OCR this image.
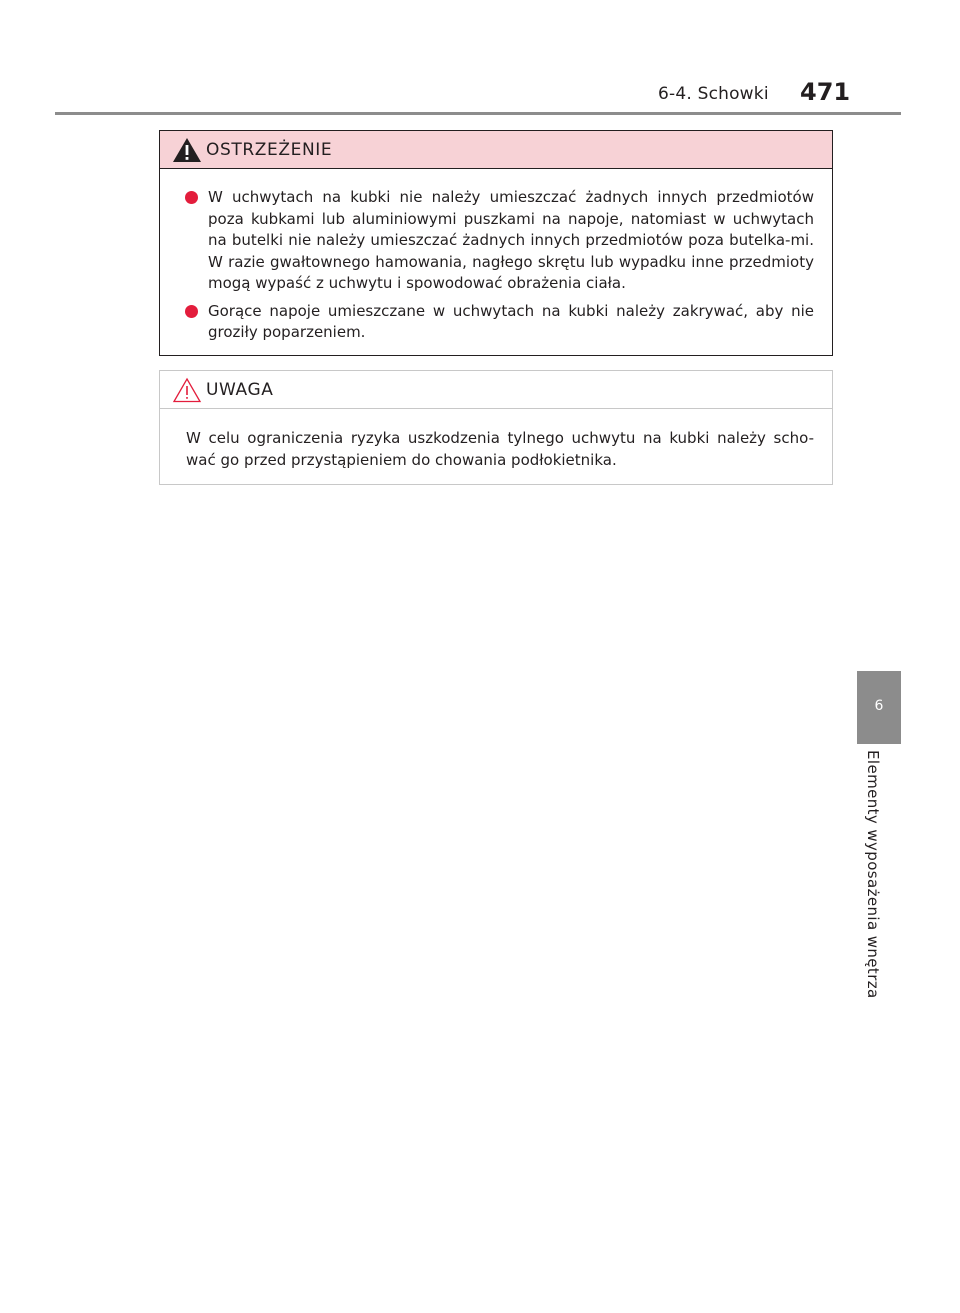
6-4. Schowki 471
OSTRZEŻENIE
W uchwytach na kubki nie należy umieszczać żadnych innych przedmiotów poza kubkami lub aluminiowymi puszkami na napoje, natomiast w uchwytach na butelki nie należy umieszczać żadnych innych przedmiotów poza butelka-mi. W razie gwałtownego hamowania, nagłego skrętu lub wypadku inne przedmioty mogą wypaść z uchwytu i spowodować obrażenia ciała.
Gorące napoje umieszczane w uchwytach na kubki należy zakrywać, aby nie groziły poparzeniem.
UWAGA

W celu ograniczenia ryzyka uszkodzenia tylnego uchwytu na kubki należy scho-wać go przed przystąpieniem do chowania podłokietnika.

6
Elementy wyposażenia wnętrza
